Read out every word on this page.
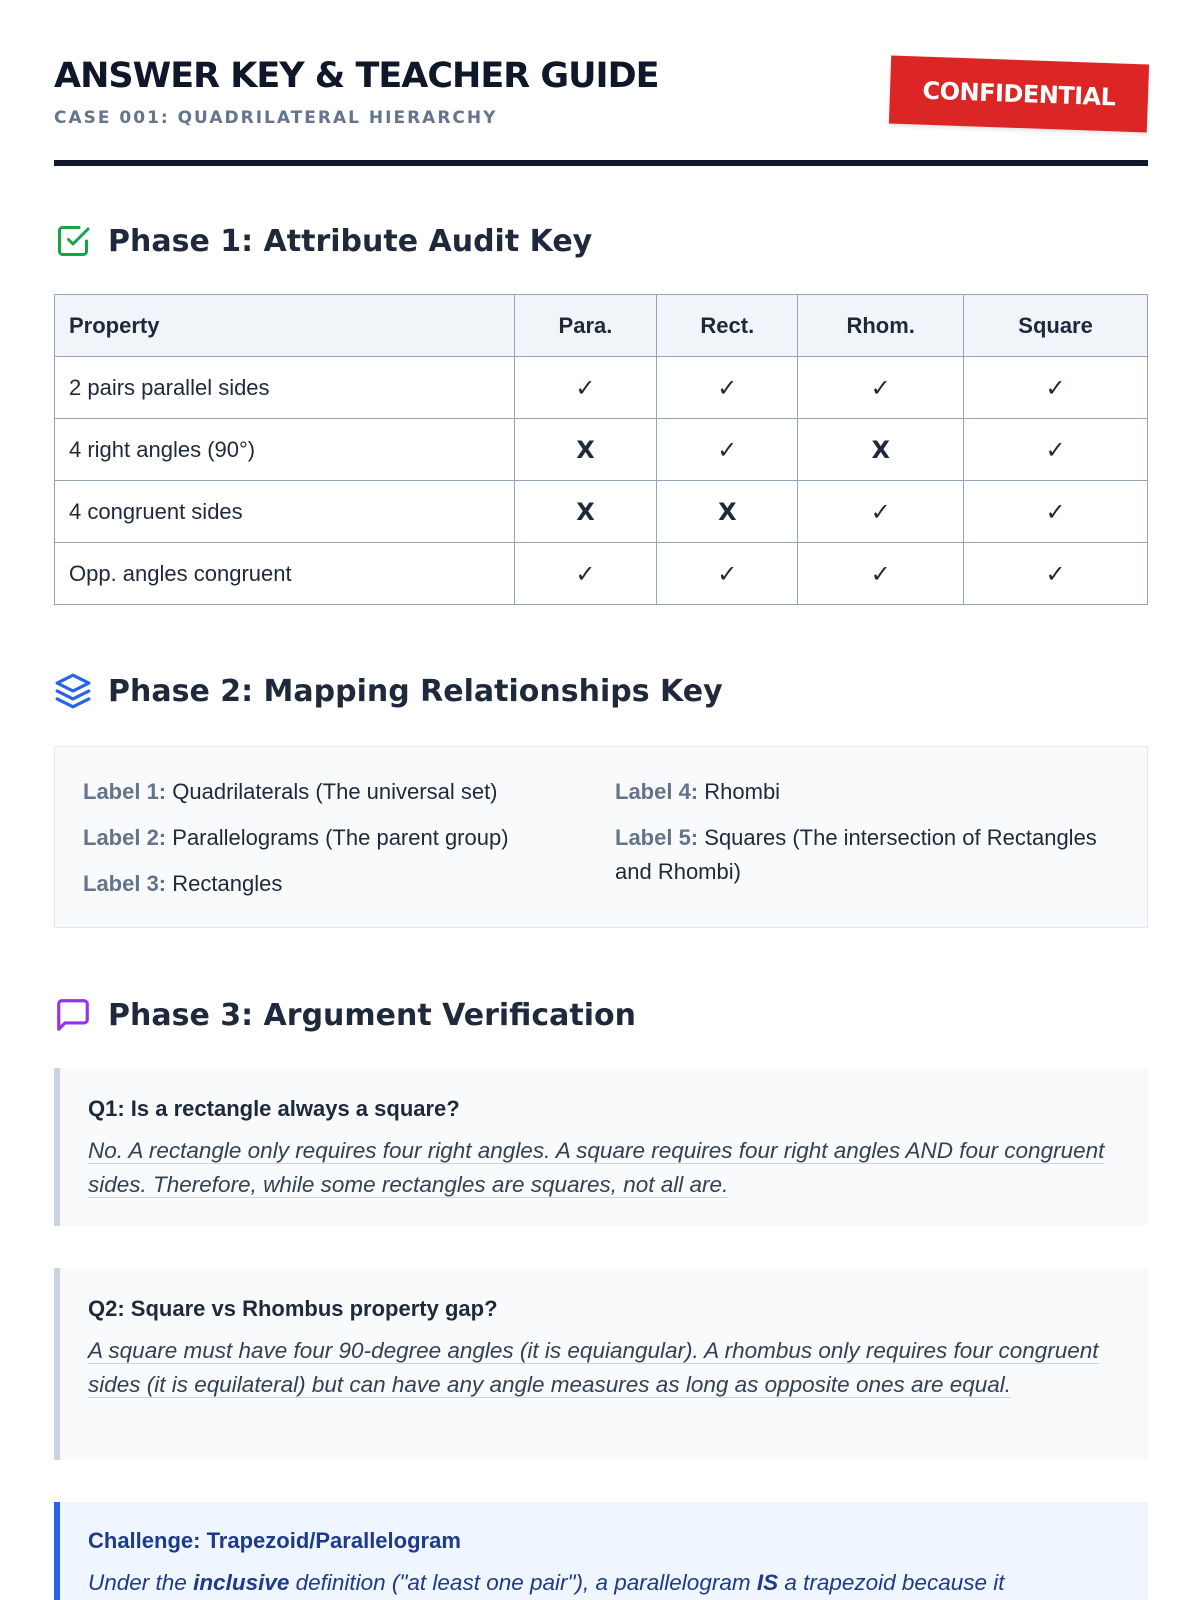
ANSWER KEY & TEACHER GUIDE
CASE 001: QUADRILATERAL HIERARCHY
CONFIDENTIAL
Phase 1: Attribute Audit Key
Property	Para.	Rect.	Rhom.	Square
2 pairs parallel sides	✓	✓	✓	✓
4 right angles (90°)	X	✓	X	✓
4 congruent sides	X	X	✓	✓
Opp. angles congruent	✓	✓	✓	✓
Phase 2: Mapping Relationships Key
Label 1: Quadrilaterals (The universal set)
Label 2: Parallelograms (The parent group)
Label 3: Rectangles
Label 4: Rhombi
Label 5: Squares (The intersection of Rectangles and Rhombi)
Phase 3: Argument Verification
Q1: Is a rectangle always a square?
No. A rectangle only requires four right angles. A square requires four right angles AND four congruent sides. Therefore, while some rectangles are squares, not all are.
Q2: Square vs Rhombus property gap?
A square must have four 90-degree angles (it is equiangular). A rhombus only requires four congruent sides (it is equilateral) but can have any angle measures as long as opposite ones are equal.
Challenge: Trapezoid/Parallelogram
Under the inclusive definition ("at least one pair"), a parallelogram IS a trapezoid because it
